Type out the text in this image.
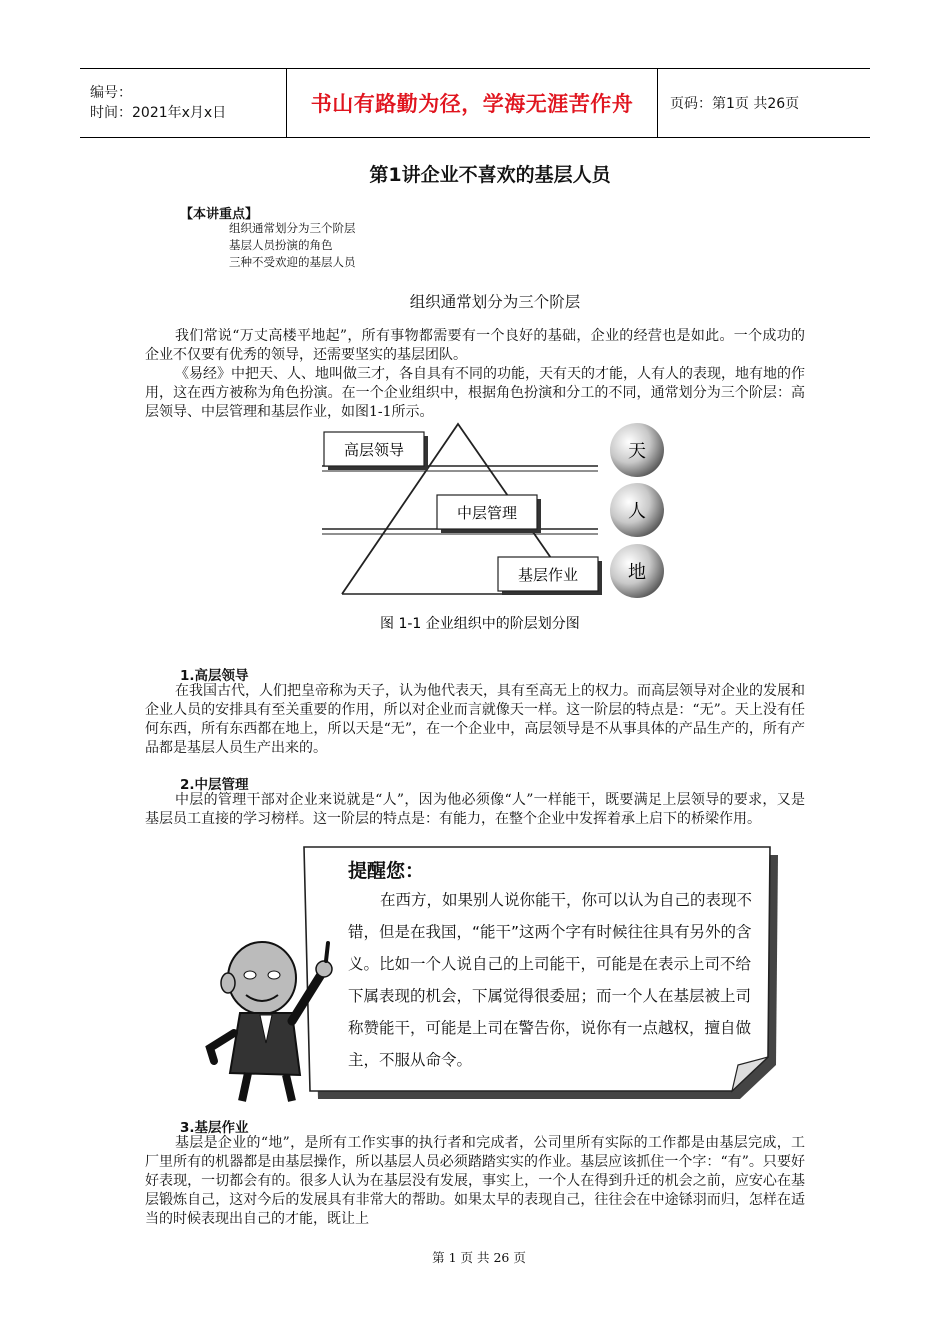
编号：
时间：2021年x月x日	书山有路勤为径，学海无涯苦作舟	页码：第1页 共26页
第1讲企业不喜欢的基层人员
【本讲重点】
组织通常划分为三个阶层
基层人员扮演的角色
三种不受欢迎的基层人员
组织通常划分为三个阶层

我们常说“万丈高楼平地起”，所有事物都需要有一个良好的基础，企业的经营也是如此。一个成功的企业不仅要有优秀的领导，还需要坚实的基层团队。

《易经》中把天、人、地叫做三才，各自具有不同的功能，天有天的才能，人有人的表现，地有地的作用，这在西方被称为角色扮演。在一个企业组织中，根据角色扮演和分工的不同，通常划分为三个阶层：高层领导、中层管理和基层作业，如图1-1所示。

高层领导
中层管理
基层作业
天
人
地
图 1-1 企业组织中的阶层划分图
1.高层领导

在我国古代，人们把皇帝称为天子，认为他代表天，具有至高无上的权力。而高层领导对企业的发展和企业人员的安排具有至关重要的作用，所以对企业而言就像天一样。这一阶层的特点是：“无”。天上没有任何东西，所有东西都在地上，所以天是“无”，在一个企业中，高层领导是不从事具体的产品生产的，所有产品都是基层人员生产出来的。

2.中层管理

中层的管理干部对企业来说就是“人”，因为他必须像“人”一样能干，既要满足上层领导的要求，又是基层员工直接的学习榜样。这一阶层的特点是：有能力，在整个企业中发挥着承上启下的桥梁作用。

提醒您：
在西方，如果别人说你能干，你可以认为自己的表现不错，但是在我国，“能干”这两个字有时候往往具有另外的含义。比如一个人说自己的上司能干，可能是在表示上司不给下属表现的机会，下属觉得很委屈；而一个人在基层被上司称赞能干，可能是上司在警告你，说你有一点越权，擅自做主，不服从命令。
3.基层作业

基层是企业的“地”，是所有工作实事的执行者和完成者，公司里所有实际的工作都是由基层完成，工厂里所有的机器都是由基层操作，所以基层人员必须踏踏实实的作业。基层应该抓住一个字：“有”。只要好好表现，一切都会有的。很多人认为在基层没有发展，事实上，一个人在得到升迁的机会之前，应安心在基层锻炼自己，这对今后的发展具有非常大的帮助。如果太早的表现自己，往往会在中途铩羽而归，怎样在适当的时候表现出自己的才能，既让上

第 1 页 共 26 页
